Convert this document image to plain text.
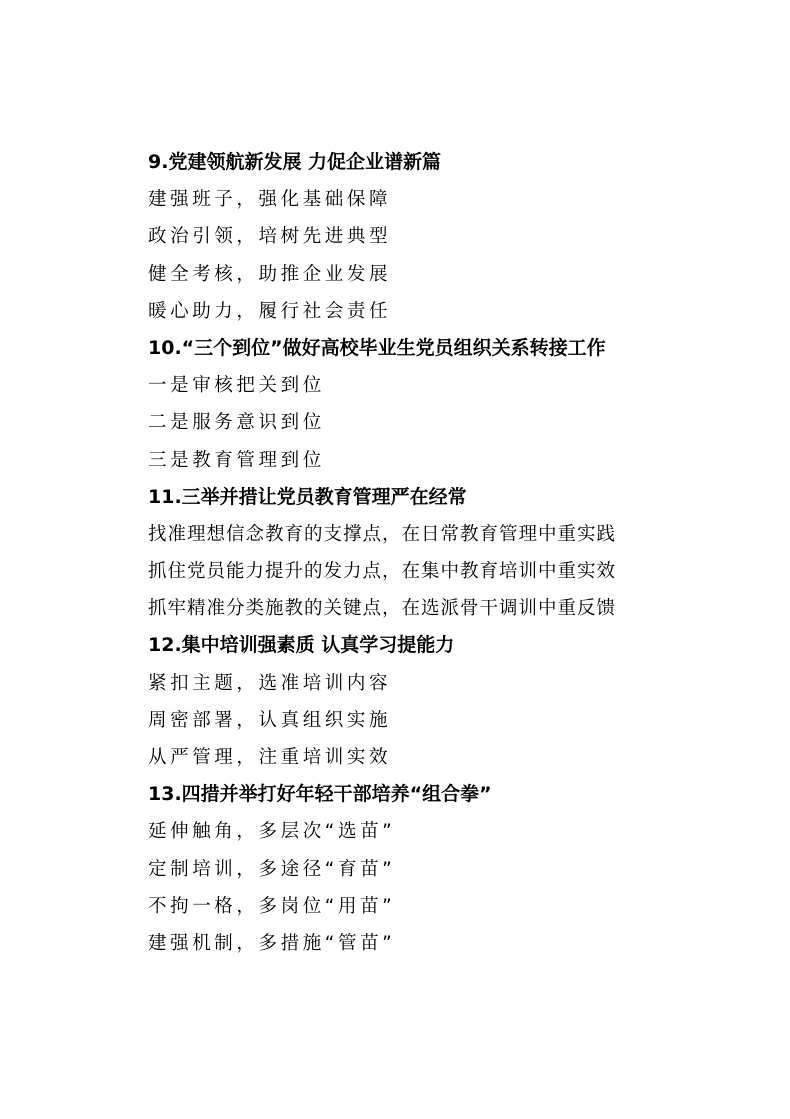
9.党建领航新发展 力促企业谱新篇
建强班子，强化基础保障
政治引领，培树先进典型
健全考核，助推企业发展
暖心助力，履行社会责任
10.“三个到位”做好高校毕业生党员组织关系转接工作
一是审核把关到位
二是服务意识到位
三是教育管理到位
11.三举并措让党员教育管理严在经常
找准理想信念教育的支撑点，在日常教育管理中重实践
抓住党员能力提升的发力点，在集中教育培训中重实效
抓牢精准分类施教的关键点，在选派骨干调训中重反馈
12.集中培训强素质 认真学习提能力
紧扣主题，选准培训内容
周密部署，认真组织实施
从严管理，注重培训实效
13.四措并举打好年轻干部培养“组合拳”
延伸触角，多层次“选苗”
定制培训，多途径“育苗”
不拘一格，多岗位“用苗”
建强机制，多措施“管苗”
